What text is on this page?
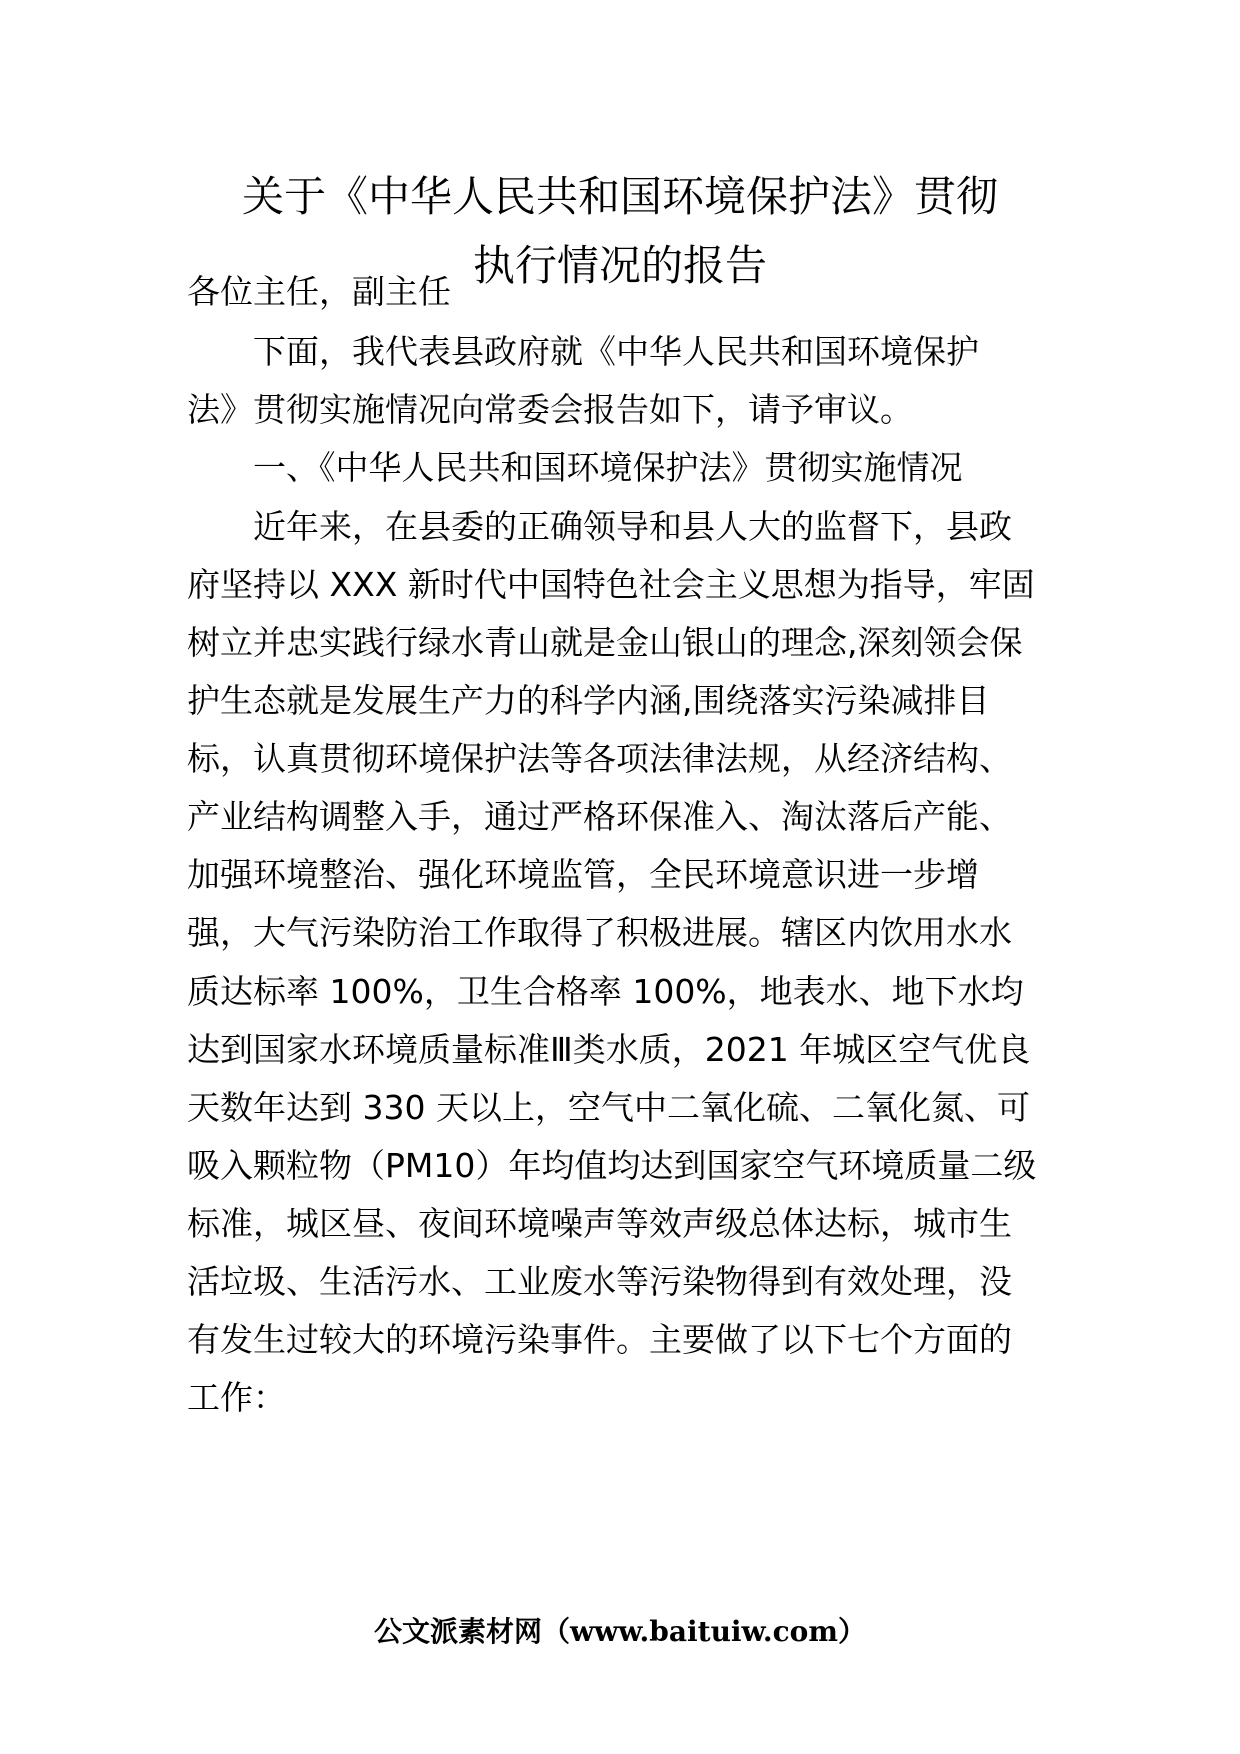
关于《中华人民共和国环境保护法》贯彻
执行情况的报告
各位主任，副主任
下面，我代表县政府就《中华人民共和国环境保护
法》贯彻实施情况向常委会报告如下，请予审议。
一、《中华人民共和国环境保护法》贯彻实施情况
近年来，在县委的正确领导和县人大的监督下，县政
府坚持以 XXX 新时代中国特色社会主义思想为指导，牢固
树立并忠实践行绿水青山就是金山银山的理念,深刻领会保
护生态就是发展生产力的科学内涵,围绕落实污染减排目
标，认真贯彻环境保护法等各项法律法规，从经济结构、
产业结构调整入手，通过严格环保准入、淘汰落后产能、
加强环境整治、强化环境监管，全民环境意识进一步增
强，大气污染防治工作取得了积极进展。辖区内饮用水水
质达标率 100%，卫生合格率 100%，地表水、地下水均
达到国家水环境质量标准Ⅲ类水质，2021 年城区空气优良
天数年达到 330 天以上，空气中二氧化硫、二氧化氮、可
吸入颗粒物（PM10）年均值均达到国家空气环境质量二级
标准，城区昼、夜间环境噪声等效声级总体达标，城市生
活垃圾、生活污水、工业废水等污染物得到有效处理，没
有发生过较大的环境污染事件。主要做了以下七个方面的
工作：
公文派素材网（www.baituiw.com）
